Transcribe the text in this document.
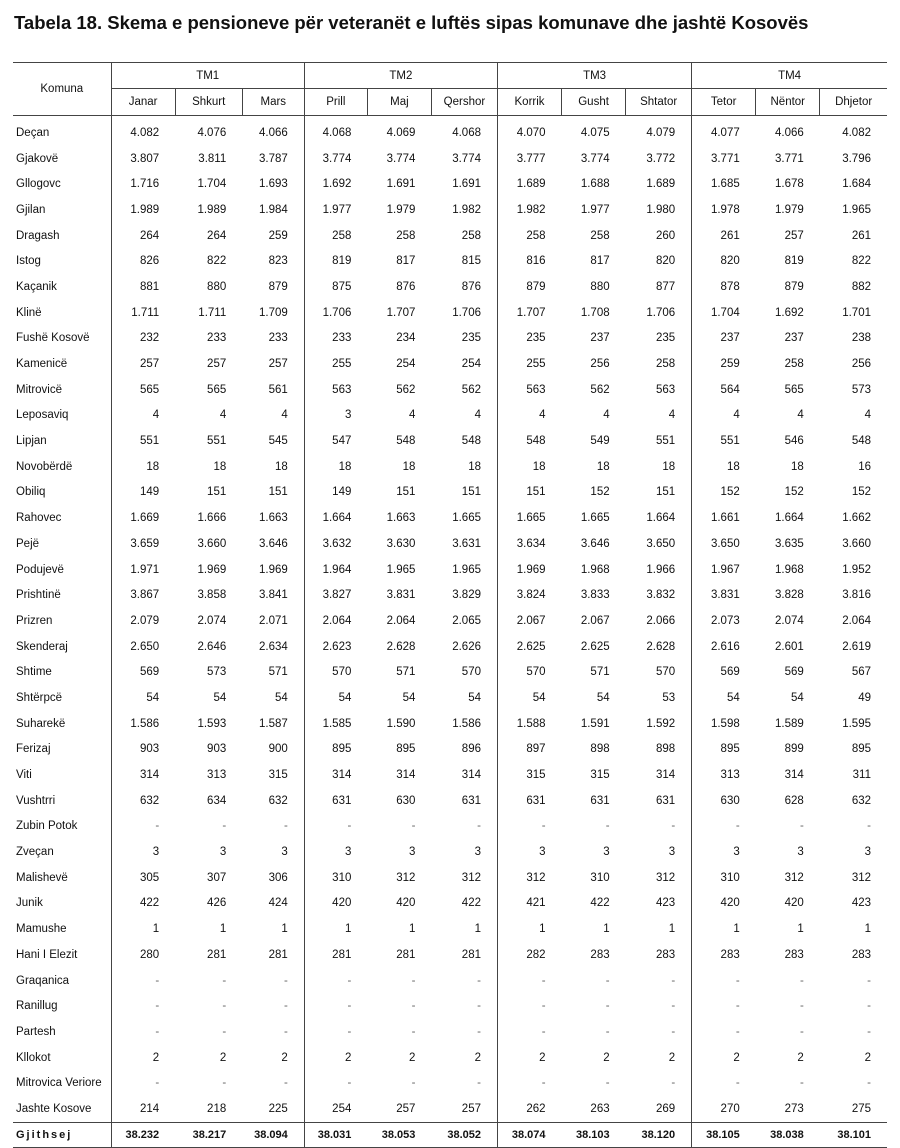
Tabela 18. Skema e pensioneve për veteranët e luftës sipas komunave dhe jashtë Kosovës
Komuna	TM1			TM2			TM3			TM4		
	Janar	Shkurt	Mars	Prill	Maj	Qershor	Korrik	Gusht	Shtator	Tetor	Nëntor	Dhjetor
Deçan	4.082	4.076	4.066	4.068	4.069	4.068	4.070	4.075	4.079	4.077	4.066	4.082
Gjakovë	3.807	3.811	3.787	3.774	3.774	3.774	3.777	3.774	3.772	3.771	3.771	3.796
Gllogovc	1.716	1.704	1.693	1.692	1.691	1.691	1.689	1.688	1.689	1.685	1.678	1.684
Gjilan	1.989	1.989	1.984	1.977	1.979	1.982	1.982	1.977	1.980	1.978	1.979	1.965
Dragash	264	264	259	258	258	258	258	258	260	261	257	261
Istog	826	822	823	819	817	815	816	817	820	820	819	822
Kaçanik	881	880	879	875	876	876	879	880	877	878	879	882
Klinë	1.711	1.711	1.709	1.706	1.707	1.706	1.707	1.708	1.706	1.704	1.692	1.701
Fushë Kosovë	232	233	233	233	234	235	235	237	235	237	237	238
Kamenicë	257	257	257	255	254	254	255	256	258	259	258	256
Mitrovicë	565	565	561	563	562	562	563	562	563	564	565	573
Leposaviq	4	4	4	3	4	4	4	4	4	4	4	4
Lipjan	551	551	545	547	548	548	548	549	551	551	546	548
Novobërdë	18	18	18	18	18	18	18	18	18	18	18	16
Obiliq	149	151	151	149	151	151	151	152	151	152	152	152
Rahovec	1.669	1.666	1.663	1.664	1.663	1.665	1.665	1.665	1.664	1.661	1.664	1.662
Pejë	3.659	3.660	3.646	3.632	3.630	3.631	3.634	3.646	3.650	3.650	3.635	3.660
Podujevë	1.971	1.969	1.969	1.964	1.965	1.965	1.969	1.968	1.966	1.967	1.968	1.952
Prishtinë	3.867	3.858	3.841	3.827	3.831	3.829	3.824	3.833	3.832	3.831	3.828	3.816
Prizren	2.079	2.074	2.071	2.064	2.064	2.065	2.067	2.067	2.066	2.073	2.074	2.064
Skenderaj	2.650	2.646	2.634	2.623	2.628	2.626	2.625	2.625	2.628	2.616	2.601	2.619
Shtime	569	573	571	570	571	570	570	571	570	569	569	567
Shtërpcë	54	54	54	54	54	54	54	54	53	54	54	49
Suharekë	1.586	1.593	1.587	1.585	1.590	1.586	1.588	1.591	1.592	1.598	1.589	1.595
Ferizaj	903	903	900	895	895	896	897	898	898	895	899	895
Viti	314	313	315	314	314	314	315	315	314	313	314	311
Vushtrri	632	634	632	631	630	631	631	631	631	630	628	632
Zubin Potok	-	-	-	-	-	-	-	-	-	-	-	-
Zveçan	3	3	3	3	3	3	3	3	3	3	3	3
Malishevë	305	307	306	310	312	312	312	310	312	310	312	312
Junik	422	426	424	420	420	422	421	422	423	420	420	423
Mamushe	1	1	1	1	1	1	1	1	1	1	1	1
Hani I Elezit	280	281	281	281	281	281	282	283	283	283	283	283
Graqanica	-	-	-	-	-	-	-	-	-	-	-	-
Ranillug	-	-	-	-	-	-	-	-	-	-	-	-
Partesh	-	-	-	-	-	-	-	-	-	-	-	-
Kllokot	2	2	2	2	2	2	2	2	2	2	2	2
Mitrovica Veriore	-	-	-	-	-	-	-	-	-	-	-	-
Jashte Kosove	214	218	225	254	257	257	262	263	269	270	273	275
Gjithsej	38.232	38.217	38.094	38.031	38.053	38.052	38.074	38.103	38.120	38.105	38.038	38.101
